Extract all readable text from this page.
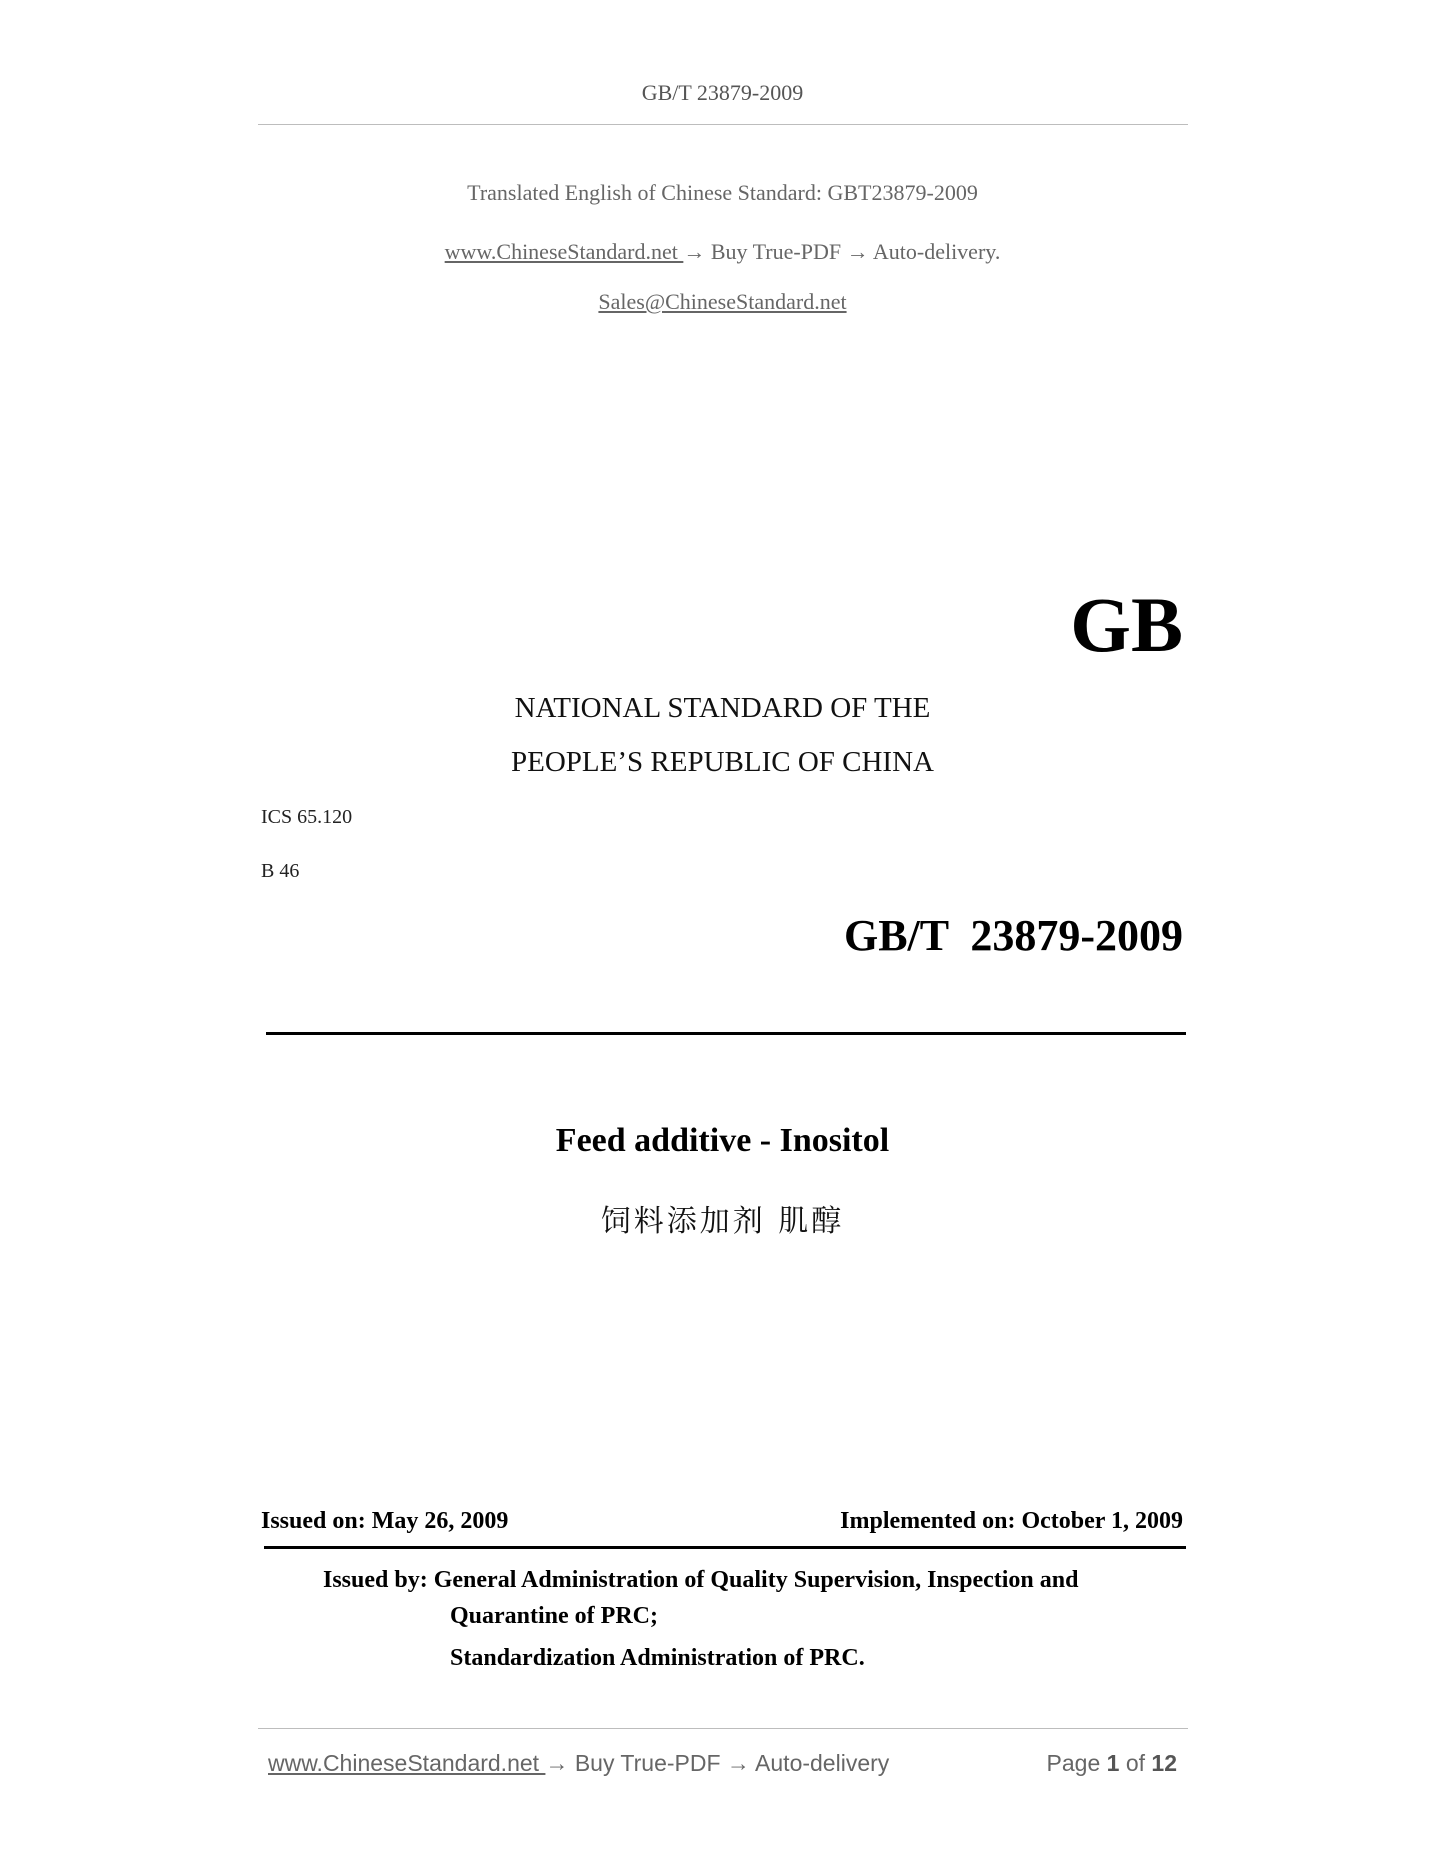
GB/T 23879-2009
Translated English of Chinese Standard: GBT23879-2009
www.ChineseStandard.net → Buy True-PDF → Auto-delivery.
Sales@ChineseStandard.net
GB
NATIONAL STANDARD OF THE
PEOPLE’S REPUBLIC OF CHINA
ICS 65.120
B 46
GB/T  23879-2009
Feed additive - Inositol
饲料添加剂 肌醇
Issued on: May 26, 2009	Implemented on: October 1, 2009
Issued by: General Administration of Quality Supervision, Inspection and
Quarantine of PRC;
Standardization Administration of PRC.
www.ChineseStandard.net → Buy True-PDF → Auto-delivery	Page 1 of 12
